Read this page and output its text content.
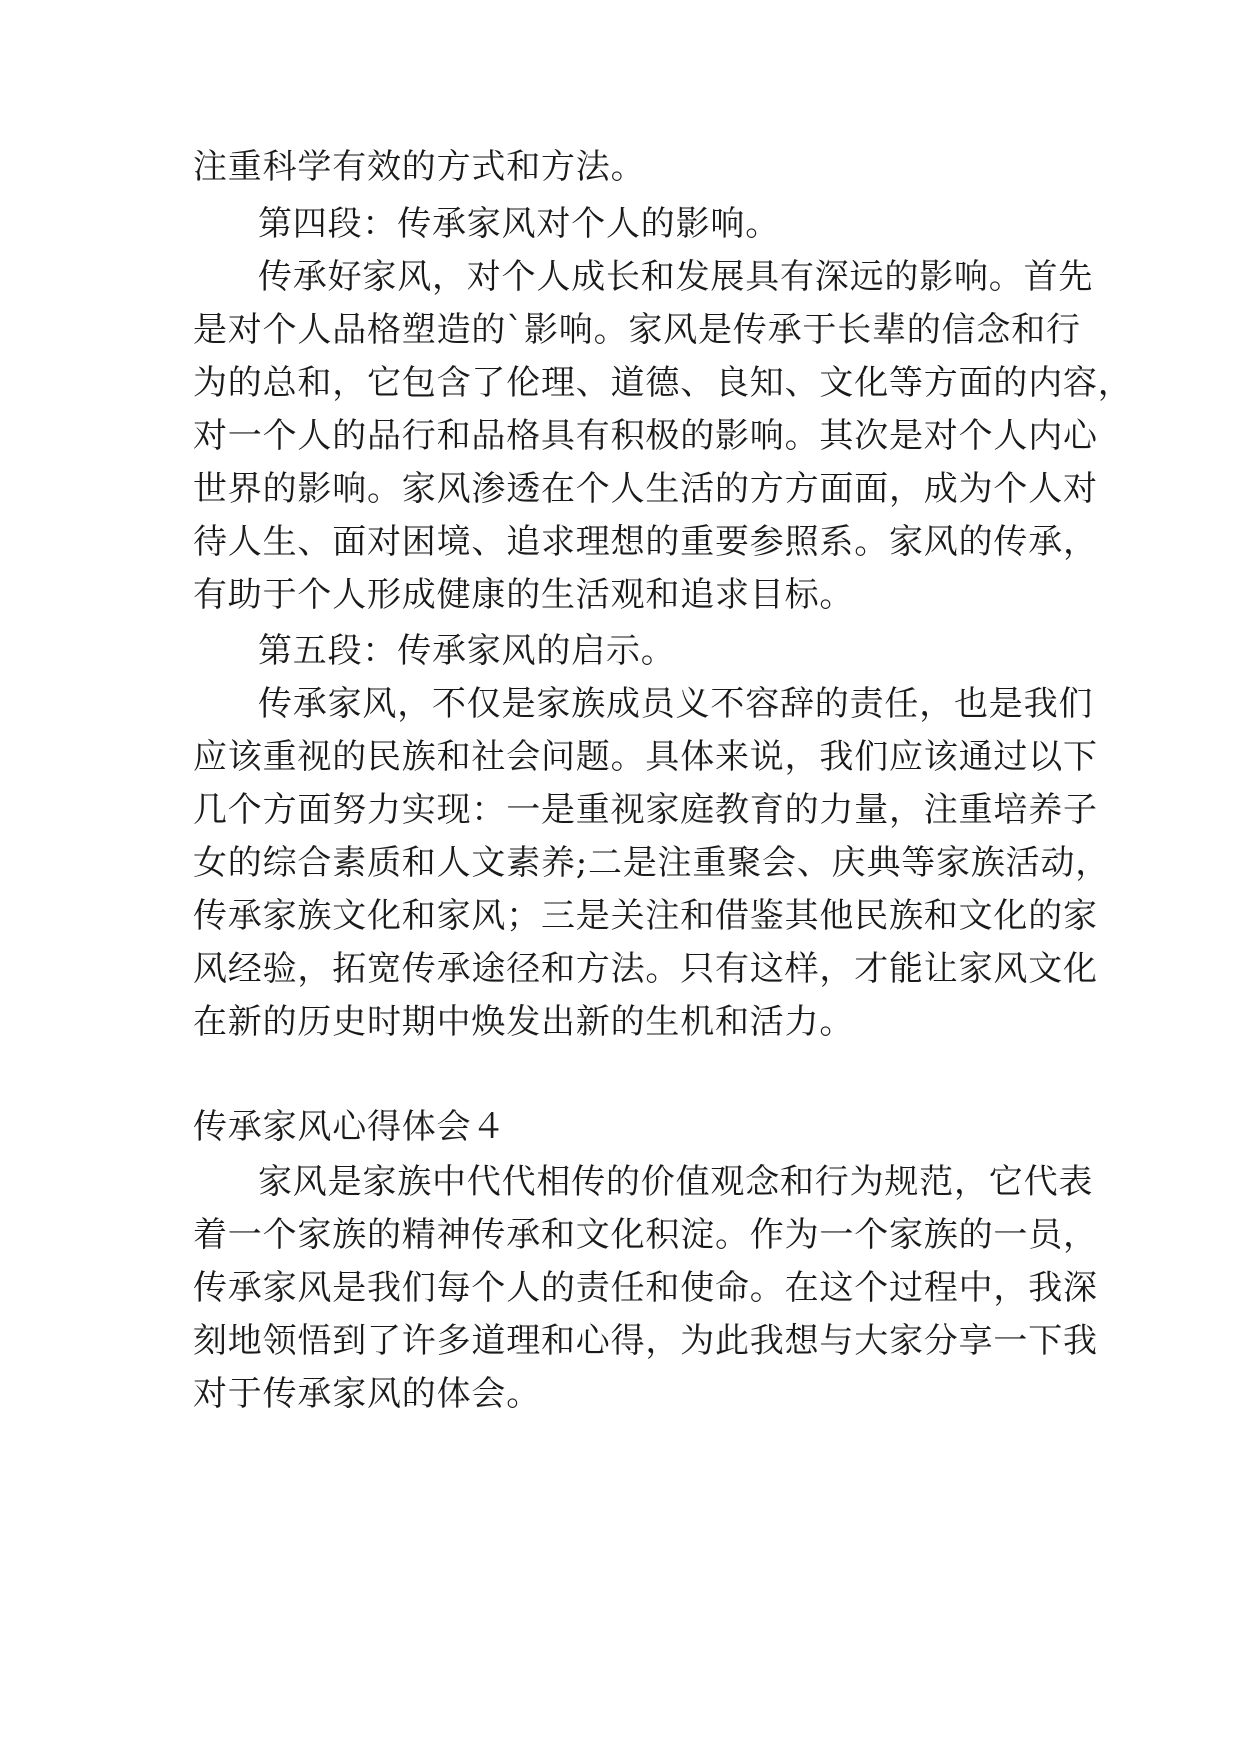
注重科学有效的方式和方法。
第四段：传承家风对个人的影响。
传承好家风，对个人成长和发展具有深远的影响。首先
是对个人品格塑造的`影响。家风是传承于长辈的信念和行
为的总和，它包含了伦理、道德、良知、文化等方面的内容，
对一个人的品行和品格具有积极的影响。其次是对个人内心
世界的影响。家风渗透在个人生活的方方面面，成为个人对
待人生、面对困境、追求理想的重要参照系。家风的传承，
有助于个人形成健康的生活观和追求目标。
第五段：传承家风的启示。
传承家风，不仅是家族成员义不容辞的责任，也是我们
应该重视的民族和社会问题。具体来说，我们应该通过以下
几个方面努力实现：一是重视家庭教育的力量，注重培养子
女的综合素质和人文素养;二是注重聚会、庆典等家族活动，
传承家族文化和家风；三是关注和借鉴其他民族和文化的家
风经验，拓宽传承途径和方法。只有这样，才能让家风文化
在新的历史时期中焕发出新的生机和活力。
传承家风心得体会４
家风是家族中代代相传的价值观念和行为规范，它代表
着一个家族的精神传承和文化积淀。作为一个家族的一员，
传承家风是我们每个人的责任和使命。在这个过程中，我深
刻地领悟到了许多道理和心得，为此我想与大家分享一下我
对于传承家风的体会。
